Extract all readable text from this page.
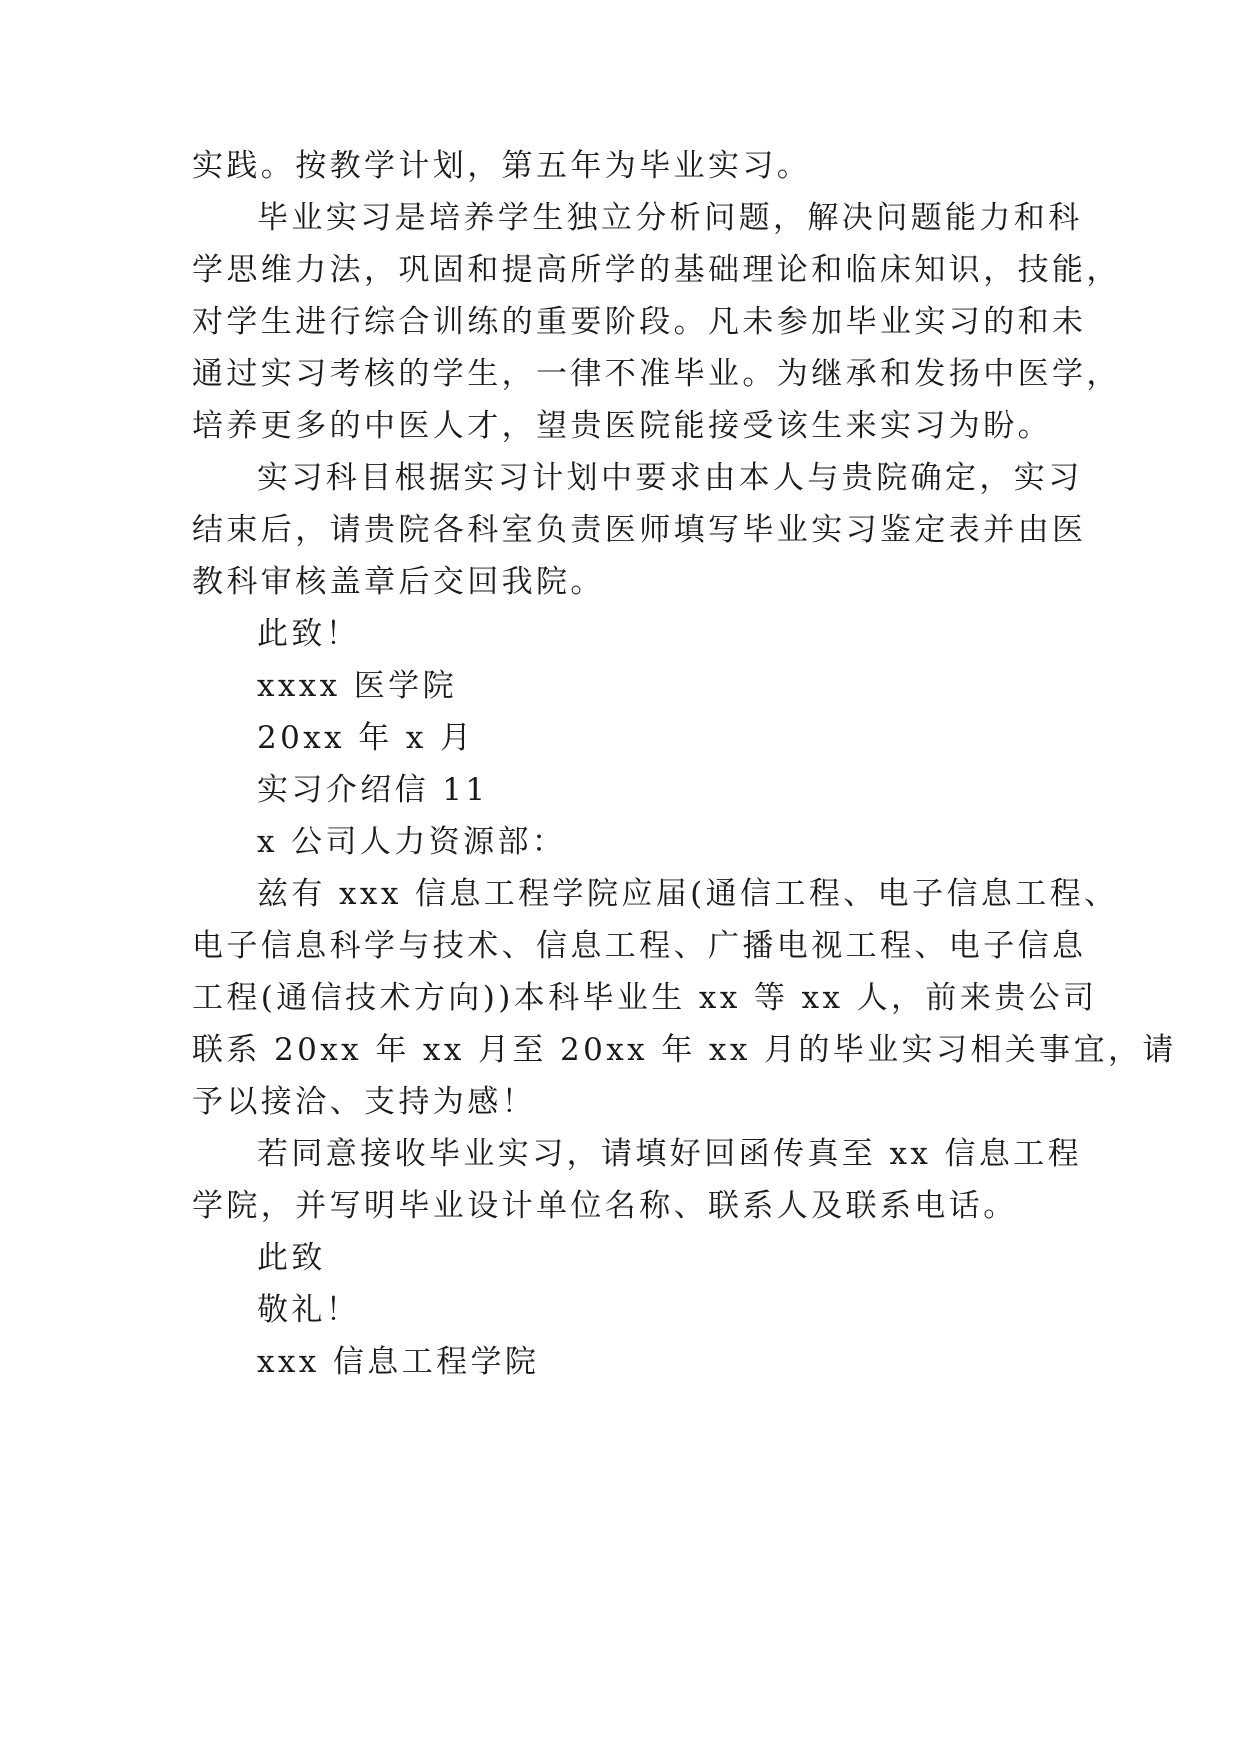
实践。按教学计划，第五年为毕业实习。
毕业实习是培养学生独立分析问题，解决问题能力和科
学思维力法，巩固和提高所学的基础理论和临床知识，技能，
对学生进行综合训练的重要阶段。凡未参加毕业实习的和未
通过实习考核的学生，一律不准毕业。为继承和发扬中医学，
培养更多的中医人才，望贵医院能接受该生来实习为盼。
实习科目根据实习计划中要求由本人与贵院确定，实习
结束后，请贵院各科室负责医师填写毕业实习鉴定表并由医
教科审核盖章后交回我院。
此致！
xxxx 医学院
20xx 年 x 月
实习介绍信 11
x 公司人力资源部：
兹有 xxx 信息工程学院应届(通信工程、电子信息工程、
电子信息科学与技术、信息工程、广播电视工程、电子信息
工程(通信技术方向))本科毕业生 xx 等 xx 人，前来贵公司
联系 20xx 年 xx 月至 20xx 年 xx 月的毕业实习相关事宜，请
予以接洽、支持为感！
若同意接收毕业实习，请填好回函传真至 xx 信息工程
学院，并写明毕业设计单位名称、联系人及联系电话。
此致
敬礼！
xxx 信息工程学院
